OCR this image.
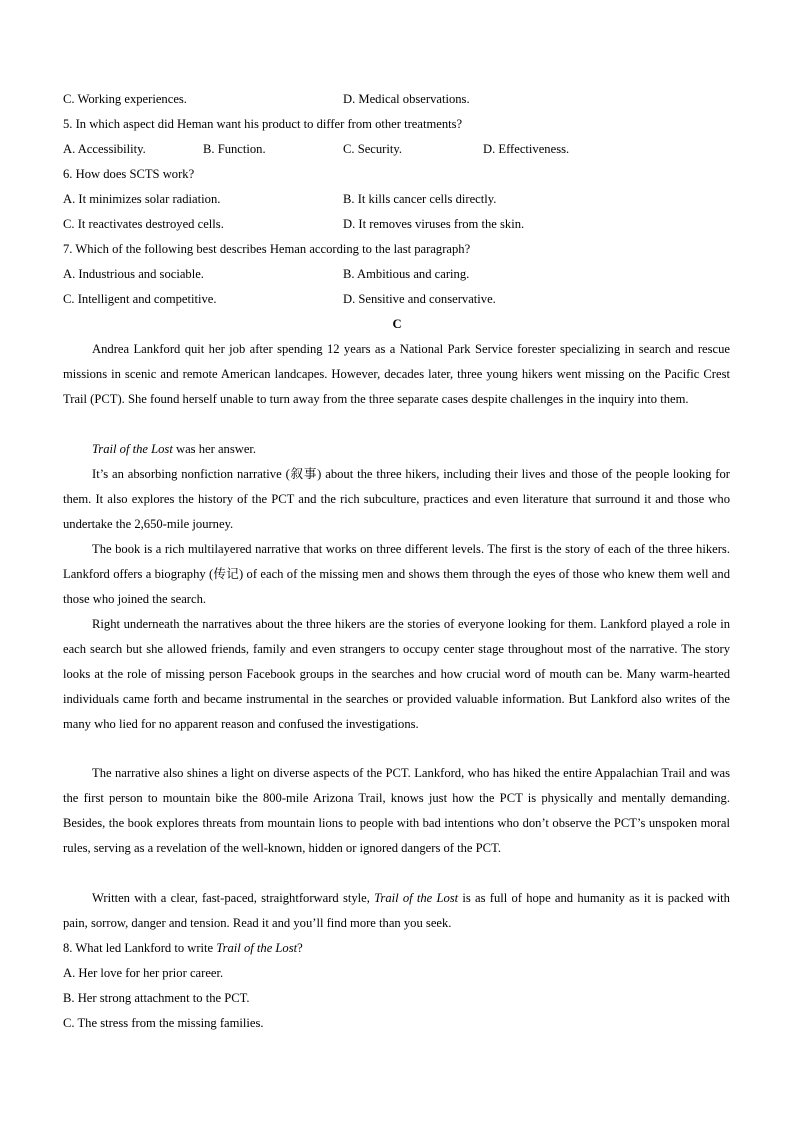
C. Working experiences.	D. Medical observations.
5. In which aspect did Heman want his product to differ from other treatments?
A. Accessibility.	B. Function.	C. Security.	D. Effectiveness.
6. How does SCTS work?
A. It minimizes solar radiation.	B. It kills cancer cells directly.
C. It reactivates destroyed cells.	D. It removes viruses from the skin.
7. Which of the following best describes Heman according to the last paragraph?
A. Industrious and sociable.	B. Ambitious and caring.
C. Intelligent and competitive.	D. Sensitive and conservative.
C

Andrea Lankford quit her job after spending 12 years as a National Park Service forester specializing in search and rescue missions in scenic and remote American landcapes. However, decades later, three young hikers went missing on the Pacific Crest Trail (PCT). She found herself unable to turn away from the three separate cases despite challenges in the inquiry into them.

Trail of the Lost was her answer.

It’s an absorbing nonfiction narrative (叙事) about the three hikers, including their lives and those of the people looking for them. It also explores the history of the PCT and the rich subculture, practices and even literature that surround it and those who undertake the 2,650-mile journey.

The book is a rich multilayered narrative that works on three different levels. The first is the story of each of the three hikers. Lankford offers a biography (传记) of each of the missing men and shows them through the eyes of those who knew them well and those who joined the search.

Right underneath the narratives about the three hikers are the stories of everyone looking for them. Lankford played a role in each search but she allowed friends, family and even strangers to occupy center stage throughout most of the narrative. The story looks at the role of missing person Facebook groups in the searches and how crucial word of mouth can be. Many warm-hearted individuals came forth and became instrumental in the searches or provided valuable information. But Lankford also writes of the many who lied for no apparent reason and confused the investigations.

The narrative also shines a light on diverse aspects of the PCT. Lankford, who has hiked the entire Appalachian Trail and was the first person to mountain bike the 800-mile Arizona Trail, knows just how the PCT is physically and mentally demanding. Besides, the book explores threats from mountain lions to people with bad intentions who don’t observe the PCT’s unspoken moral rules, serving as a revelation of the well-known, hidden or ignored dangers of the PCT.

Written with a clear, fast-paced, straightforward style, Trail of the Lost is as full of hope and humanity as it is packed with pain, sorrow, danger and tension. Read it and you’ll find more than you seek.

8. What led Lankford to write Trail of the Lost?
A. Her love for her prior career.
B. Her strong attachment to the PCT.
C. The stress from the missing families.
